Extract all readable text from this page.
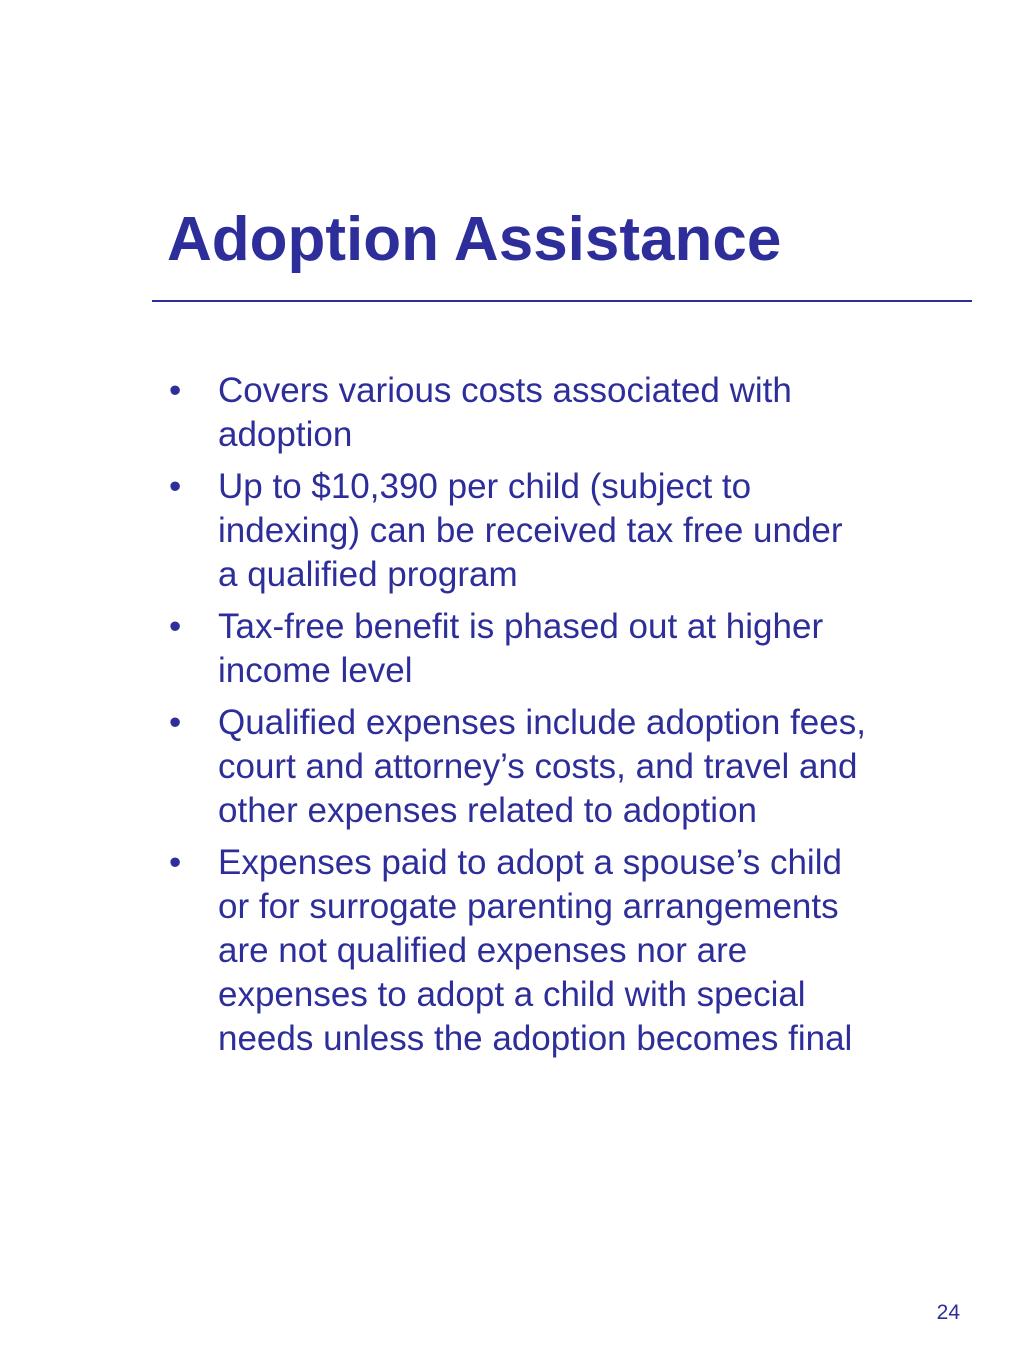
Adoption Assistance
• Covers various costs associated with
adoption
• Up to $10,390 per child (subject to
indexing) can be received tax free under
a qualified program
• Tax-free benefit is phased out at higher
income level
• Qualified expenses include adoption fees,
court and attorney’s costs, and travel and
other expenses related to adoption
• Expenses paid to adopt a spouse’s child
or for surrogate parenting arrangements
are not qualified expenses nor are
expenses to adopt a child with special
needs unless the adoption becomes final
24
